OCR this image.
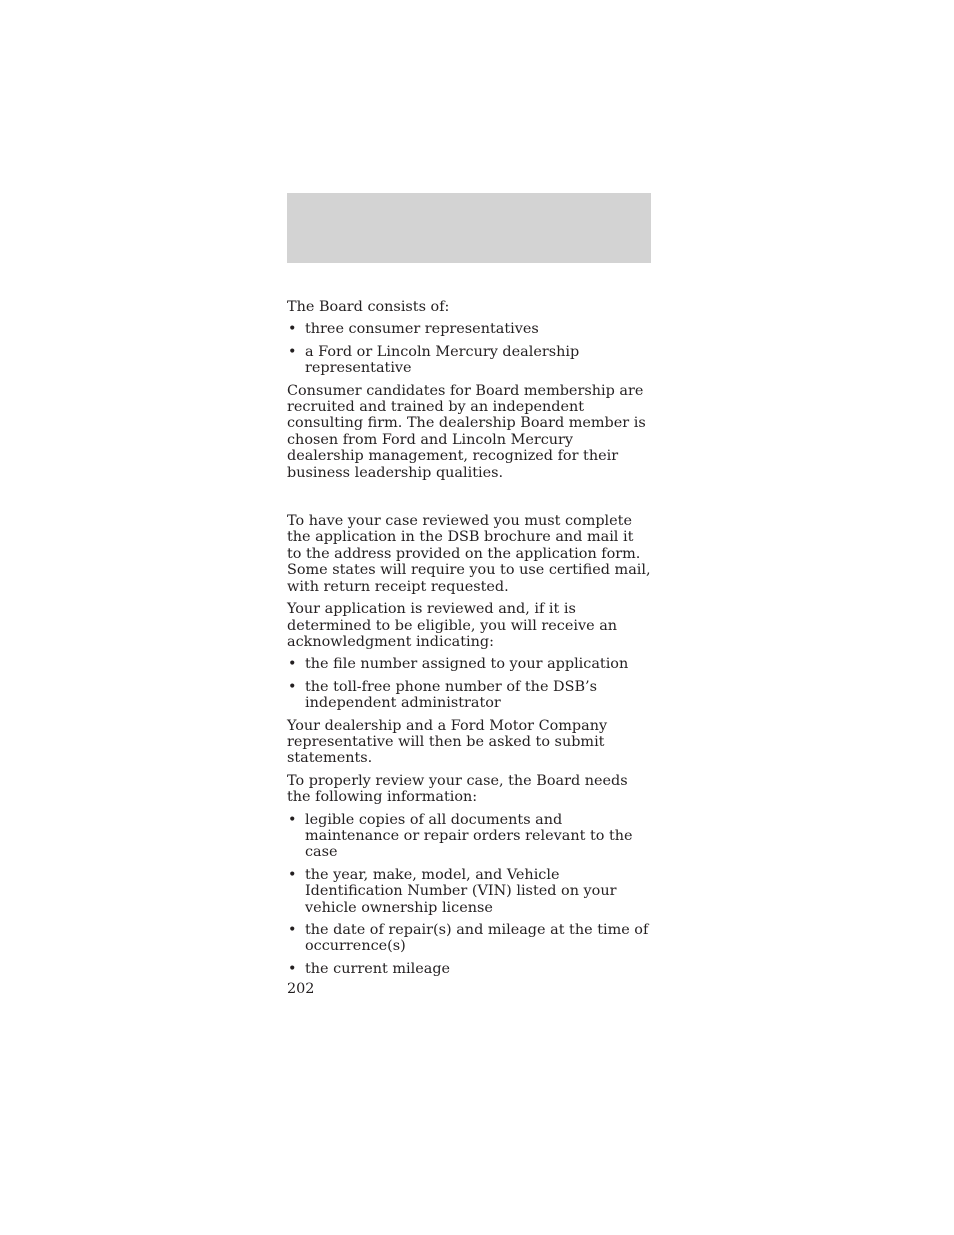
The Board consists of:

• three consumer representatives
• a Ford or Lincoln Mercury dealership representative

Consumer candidates for Board membership are recruited and trained by an independent consulting firm. The dealership Board member is chosen from Ford and Lincoln Mercury dealership management, recognized for their business leadership qualities.

To have your case reviewed you must complete the application in the DSB brochure and mail it to the address provided on the application form. Some states will require you to use certified mail, with return receipt requested.

Your application is reviewed and, if it is determined to be eligible, you will receive an acknowledgment indicating:

• the file number assigned to your application
• the toll-free phone number of the DSB’s independent administrator

Your dealership and a Ford Motor Company representative will then be asked to submit statements.

To properly review your case, the Board needs the following information:

• legible copies of all documents and maintenance or repair orders relevant to the case
• the year, make, model, and Vehicle Identification Number (VIN) listed on your vehicle ownership license
• the date of repair(s) and mileage at the time of occurrence(s)
• the current mileage
202
